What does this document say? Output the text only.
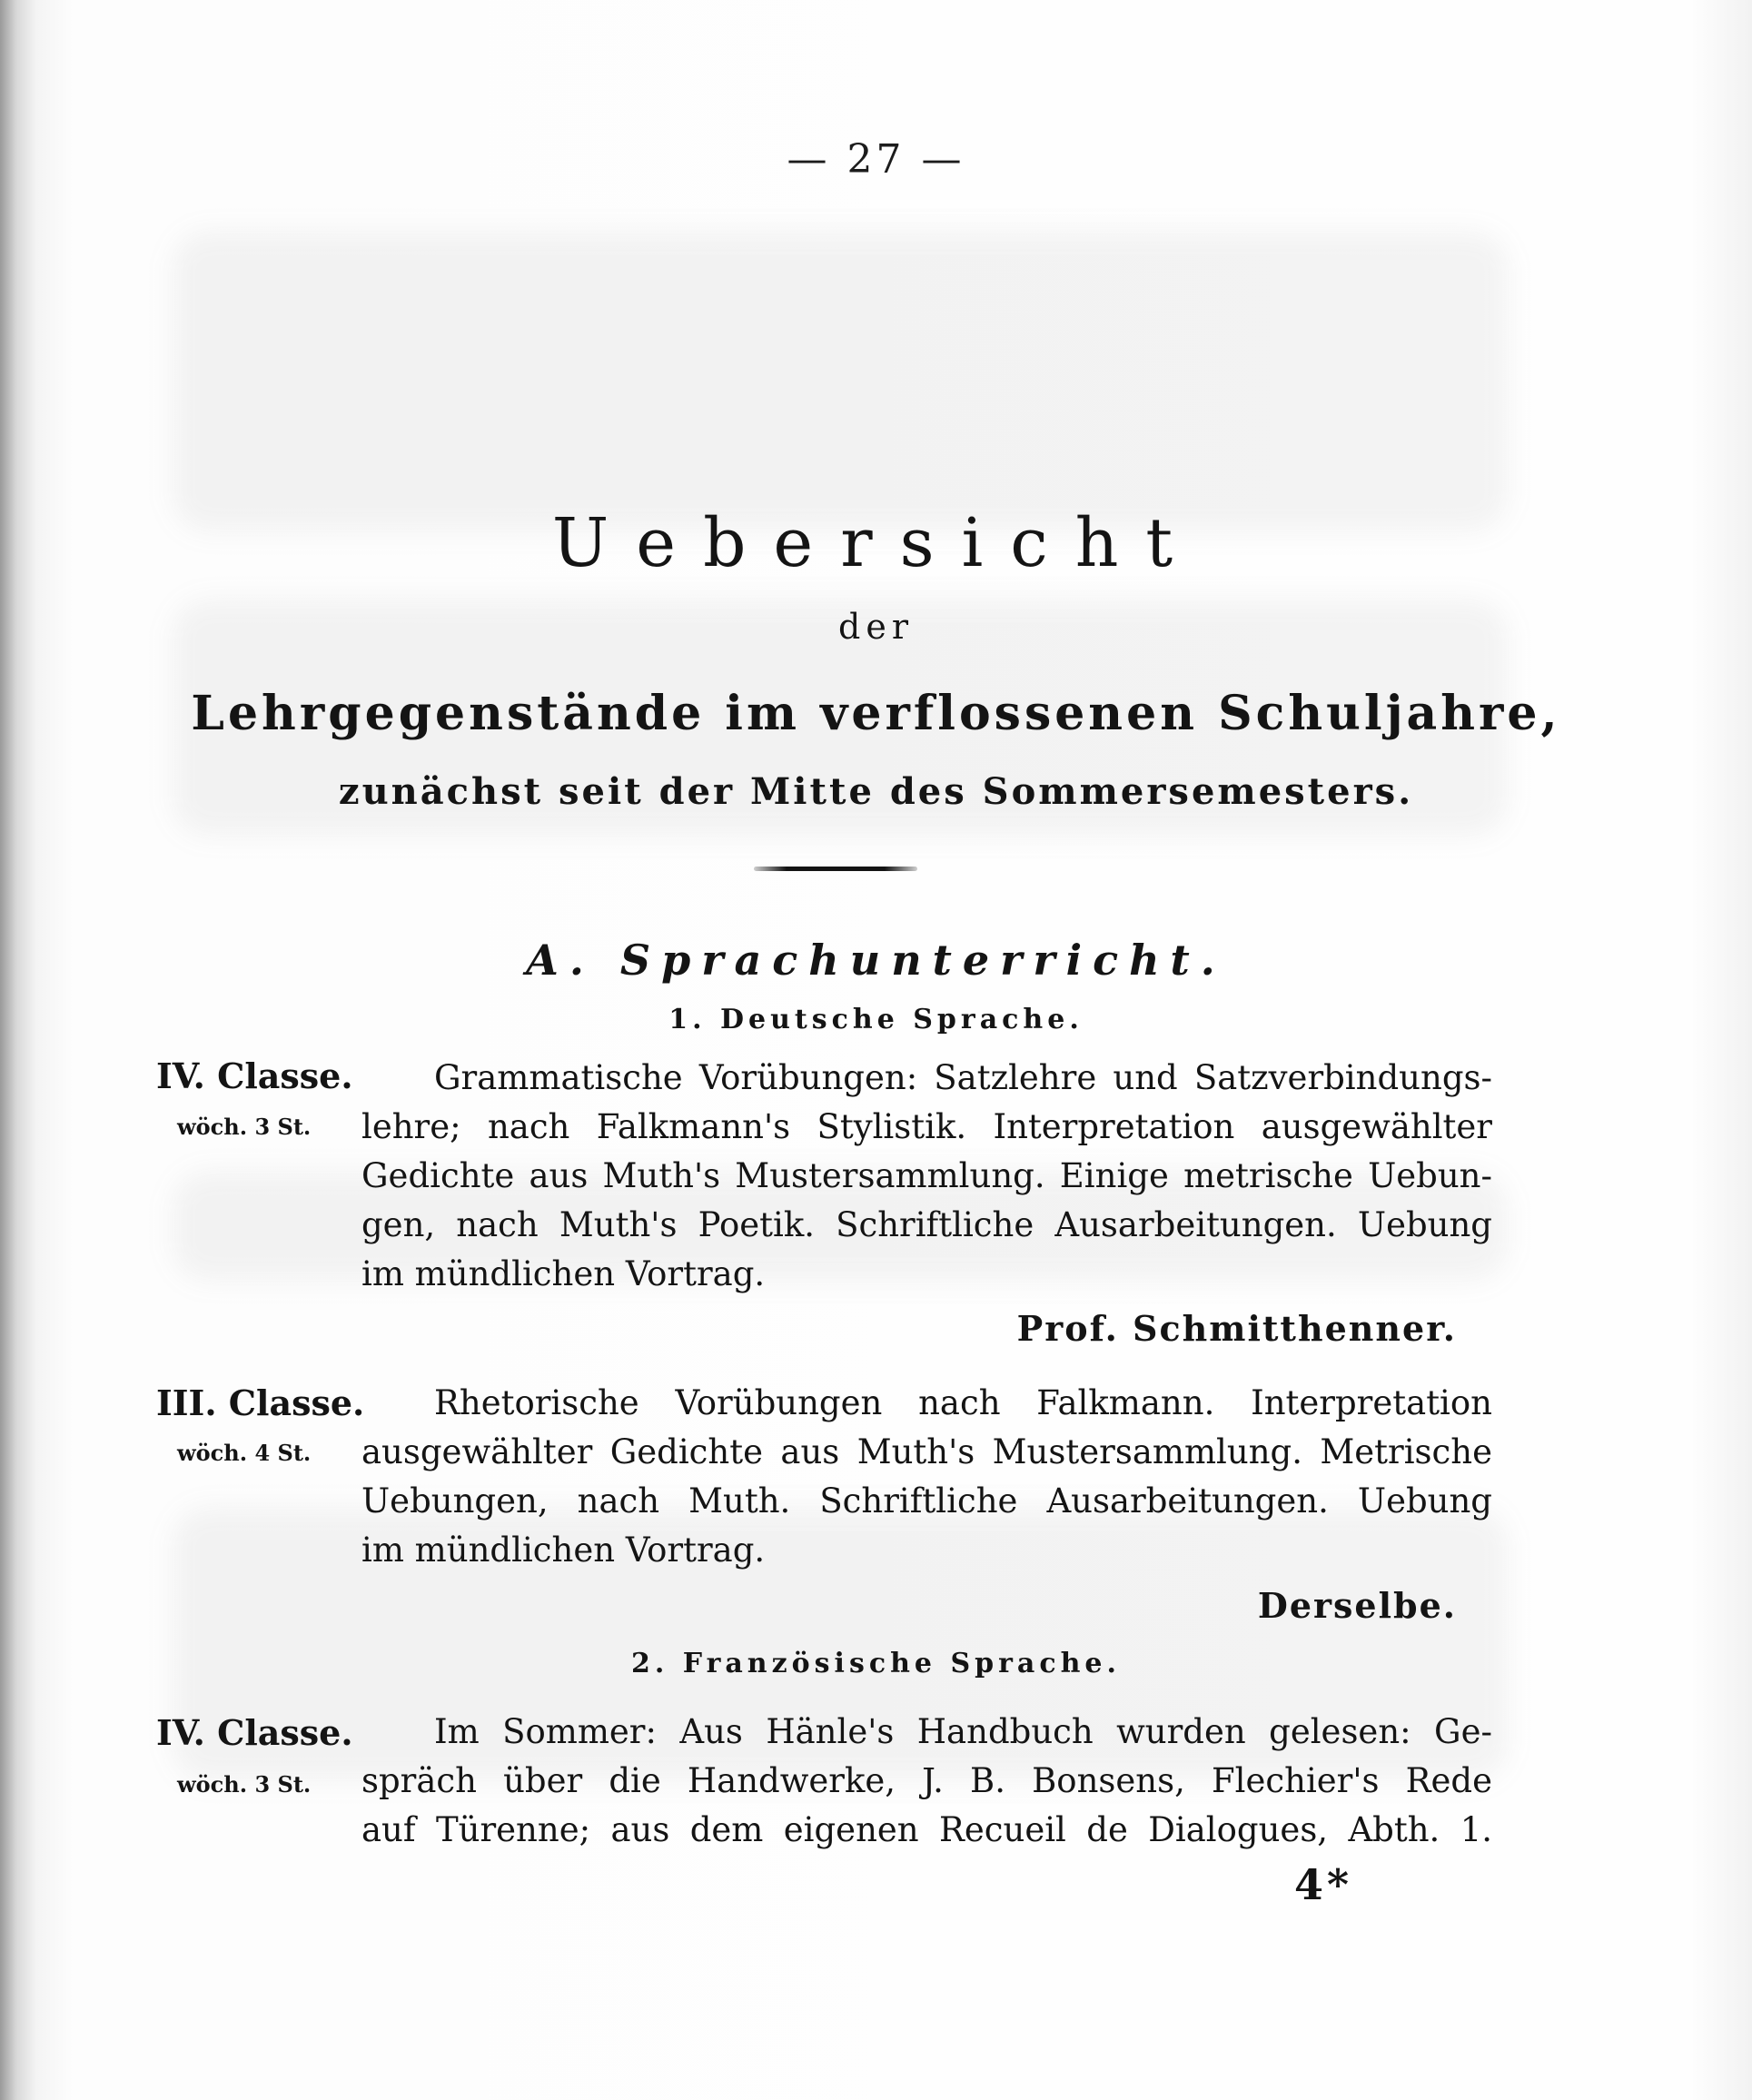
— 27 —
Uebersicht
der
Lehrgegenstände im verflossenen Schuljahre,
zunächst seit der Mitte des Sommersemesters.
A. Sprachunterricht.
1. Deutsche Sprache.
IV. Classe.
wöch. 3 St.
Grammatische Vorübungen: Satzlehre und Satzverbindungs-
lehre; nach Falkmann's Stylistik. Interpretation ausgewählter
Gedichte aus Muth's Mustersammlung. Einige metrische Uebun-
gen, nach Muth's Poetik. Schriftliche Ausarbeitungen. Uebung
im mündlichen Vortrag.
Prof. Schmitthenner.
III. Classe.
wöch. 4 St.
Rhetorische Vorübungen nach Falkmann. Interpretation
ausgewählter Gedichte aus Muth's Mustersammlung. Metrische
Uebungen, nach Muth. Schriftliche Ausarbeitungen. Uebung
im mündlichen Vortrag.
Derselbe.
2. Französische Sprache.
IV. Classe.
wöch. 3 St.
Im Sommer: Aus Hänle's Handbuch wurden gelesen: Ge-
spräch über die Handwerke, J. B. Bonsens, Flechier's Rede
auf Türenne; aus dem eigenen Recueil de Dialogues, Abth. 1.
4*
